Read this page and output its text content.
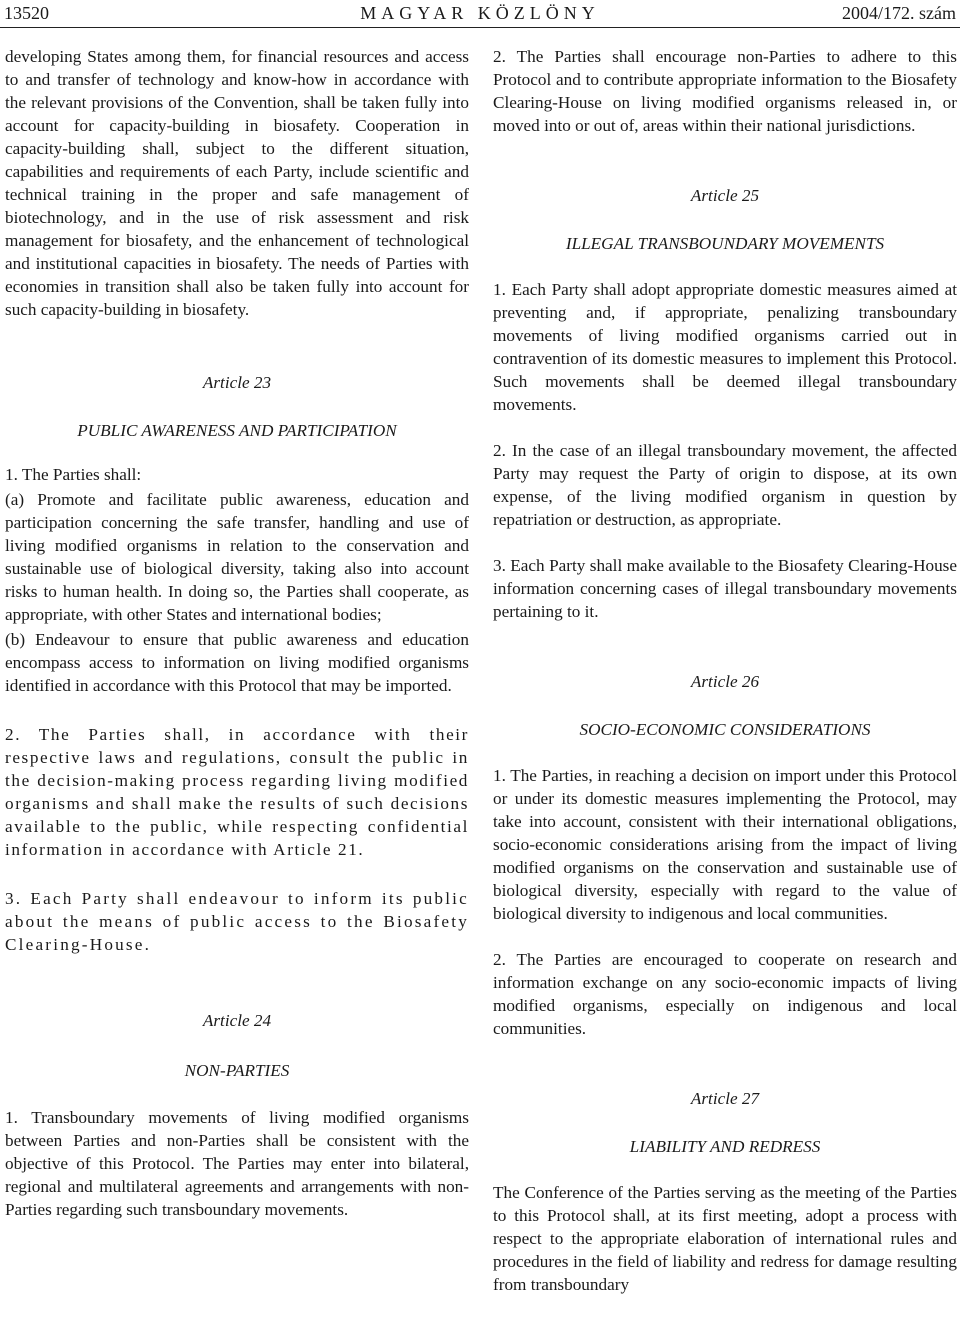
13520	MAGYAR KÖZLÖNY	2004/172. szám

developing States among them, for financial resources and access to and transfer of technology and know-how in accordance with the relevant provisions of the Convention, shall be taken fully into account for capacity-building in biosafety. Cooperation in capacity-building shall, subject to the different situation, capabilities and requirements of each Party, include scientific and technical training in the proper and safe management of biotechnology, and in the use of risk assessment and risk management for biosafety, and the enhancement of technological and institutional capacities in biosafety. The needs of Parties with economies in transition shall also be taken fully into account for such capacity-building in biosafety.

Article 23

PUBLIC AWARENESS AND PARTICIPATION

1. The Parties shall:

(a) Promote and facilitate public awareness, education and participation concerning the safe transfer, handling and use of living modified organisms in relation to the conservation and sustainable use of biological diversity, taking also into account risks to human health. In doing so, the Parties shall cooperate, as appropriate, with other States and international bodies;

(b) Endeavour to ensure that public awareness and education encompass access to information on living modified organisms identified in accordance with this Protocol that may be imported.

2. The Parties shall, in accordance with their respective laws and regulations, consult the public in the decision-making process regarding living modified organisms and shall make the results of such decisions available to the public, while respecting confidential information in accordance with Article 21.

3. Each Party shall endeavour to inform its public about the means of public access to the Biosafety Clearing-House.

Article 24

NON-PARTIES

1. Transboundary movements of living modified organisms between Parties and non-Parties shall be consistent with the objective of this Protocol. The Parties may enter into bilateral, regional and multilateral agreements and arrangements with non-Parties regarding such transboundary movements.

2. The Parties shall encourage non-Parties to adhere to this Protocol and to contribute appropriate information to the Biosafety Clearing-House on living modified organisms released in, or moved into or out of, areas within their national jurisdictions.

Article 25

ILLEGAL TRANSBOUNDARY MOVEMENTS

1. Each Party shall adopt appropriate domestic measures aimed at preventing and, if appropriate, penalizing transboundary movements of living modified organisms carried out in contravention of its domestic measures to implement this Protocol. Such movements shall be deemed illegal transboundary movements.

2. In the case of an illegal transboundary movement, the affected Party may request the Party of origin to dispose, at its own expense, of the living modified organism in question by repatriation or destruction, as appropriate.

3. Each Party shall make available to the Biosafety Clearing-House information concerning cases of illegal transboundary movements pertaining to it.

Article 26

SOCIO-ECONOMIC CONSIDERATIONS

1. The Parties, in reaching a decision on import under this Protocol or under its domestic measures implementing the Protocol, may take into account, consistent with their international obligations, socio-economic considerations arising from the impact of living modified organisms on the conservation and sustainable use of biological diversity, especially with regard to the value of biological diversity to indigenous and local communities.

2. The Parties are encouraged to cooperate on research and information exchange on any socio-economic impacts of living modified organisms, especially on indigenous and local communities.

Article 27

LIABILITY AND REDRESS

The Conference of the Parties serving as the meeting of the Parties to this Protocol shall, at its first meeting, adopt a process with respect to the appropriate elaboration of international rules and procedures in the field of liability and redress for damage resulting from transboundary
